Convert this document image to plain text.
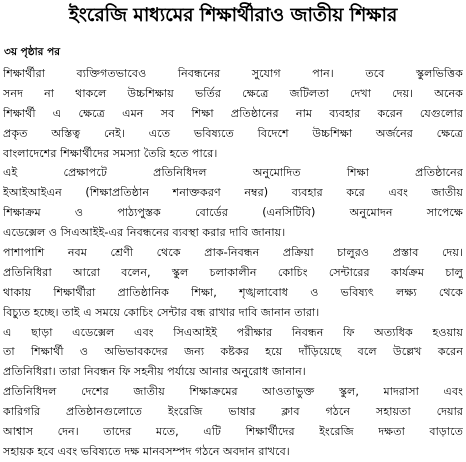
ইংরেজি মাধ্যমের শিক্ষার্থীরাও জাতীয় শিক্ষার
৩য় পৃষ্ঠার পর
শিক্ষার্থীরা ব্যক্তিগতভাবেও নিবন্ধনের সুযোগ পান। তবে স্কুলভিত্তিক
সনদ না থাকলে উচ্চশিক্ষায় ভর্তির ক্ষেত্রে জটিলতা দেখা দেয়। অনেক
শিক্ষার্থী এ ক্ষেত্রে এমন সব শিক্ষা প্রতিষ্ঠানের নাম ব্যবহার করেন যেগুলোর
প্রকৃত অস্তিত্ব নেই। এতে ভবিষ্যতে বিদেশে উচ্চশিক্ষা অর্জনের ক্ষেত্রে
বাংলাদেশের শিক্ষার্থীদের সমস্যা তৈরি হতে পারে।
এই প্রেক্ষাপটে প্রতিনিধিদল অনুমোদিত শিক্ষা প্রতিষ্ঠানের
ইআইআইএন (শিক্ষাপ্রতিষ্ঠান শনাক্তকরণ নম্বর) ব্যবহার করে এবং জাতীয়
শিক্ষাক্রম ও পাঠ্যপুস্তক বোর্ডের (এনসিটিবি) অনুমোদন সাপেক্ষে
এডেক্সেল ও সিএআইই-এর নিবন্ধনের ব্যবস্থা করার দাবি জানায়।
পাশাপাশি নবম শ্রেণী থেকে প্রাক-নিবন্ধন প্রক্রিয়া চালুরও প্রস্তাব দেয়।
প্রতিনিধিরা আরো বলেন, স্কুল চলাকালীন কোচিং সেন্টারের কার্যক্রম চালু
থাকায় শিক্ষার্থীরা প্রাতিষ্ঠানিক শিক্ষা, শৃঙ্খলাবোধ ও ভবিষ্যৎ লক্ষ্য থেকে
বিচ্যুত হচ্ছে। তাই এ সময়ে কোচিং সেন্টার বন্ধ রাখার দাবি জানান তারা।
এ ছাড়া এডেক্সেল এবং সিএআইই পরীক্ষার নিবন্ধন ফি অত্যধিক হওয়ায়
তা শিক্ষার্থী ও অভিভাবকদের জন্য কষ্টকর হয়ে দাঁড়িয়েছে বলে উল্লেখ করেন
প্রতিনিধিরা। তারা নিবন্ধন ফি সহনীয় পর্যায়ে আনার অনুরোধ জানান।
প্রতিনিধিদল দেশের জাতীয় শিক্ষাক্রমের আওতাভুক্ত স্কুল, মাদরাসা এবং
কারিগরি প্রতিষ্ঠানগুলোতে ইংরেজি ভাষার ক্লাব গঠনে সহায়তা দেয়ার
আশ্বাস দেন। তাদের মতে, এটি শিক্ষার্থীদের ইংরেজি দক্ষতা বাড়াতে
সহায়ক হবে এবং ভবিষ্যতে দক্ষ মানবসম্পদ গঠনে অবদান রাখবে।
